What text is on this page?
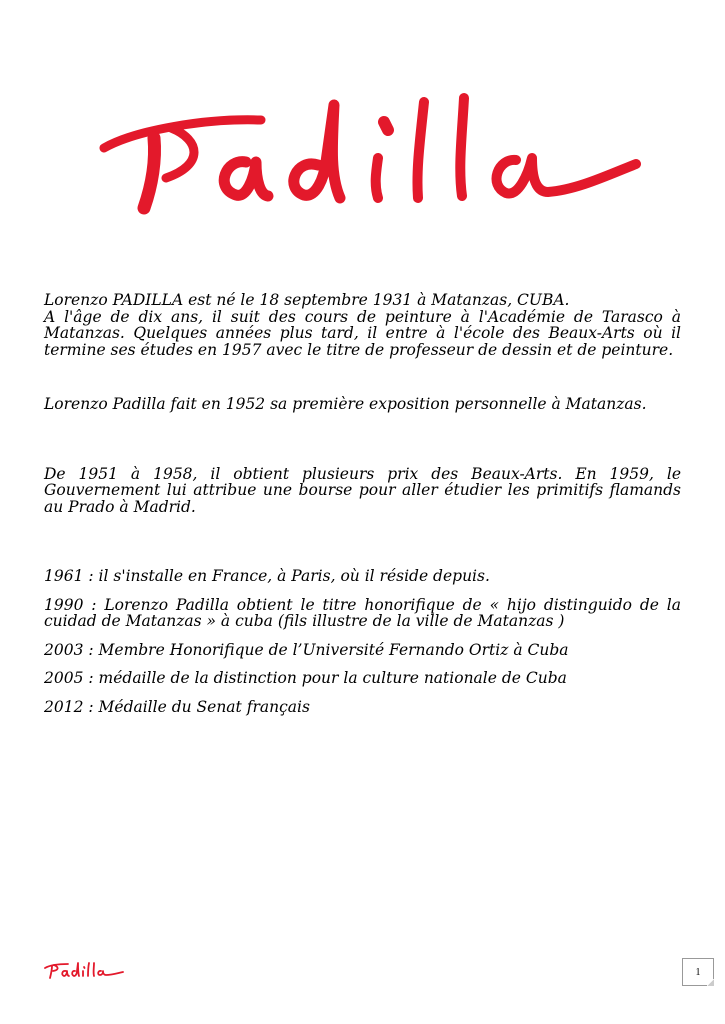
Lorenzo PADILLA est né le 18 septembre 1931 à Matanzas, CUBA.

A l'âge de dix ans, il suit des cours de peinture à l'Académie de Tarasco à Matanzas. Quelques années plus tard, il entre à l'école des Beaux-Arts où il termine ses études en 1957 avec le titre de professeur de dessin et de peinture.

Lorenzo Padilla fait en 1952 sa première exposition personnelle à Matanzas.

De 1951 à 1958, il obtient plusieurs prix des Beaux-Arts. En 1959, le Gouvernement lui attribue une bourse pour aller étudier les primitifs flamands au Prado à Madrid.

1961 : il s'installe en France, à Paris, où il réside depuis.

1990 : Lorenzo Padilla obtient le titre honorifique de « hijo distinguido de la cuidad de Matanzas » à cuba (fils illustre de la ville de Matanzas )

2003 : Membre Honorifique de l’Université Fernando Ortiz à Cuba

2005 : médaille de la distinction pour la culture nationale de Cuba

2012 : Médaille du Senat français

1
